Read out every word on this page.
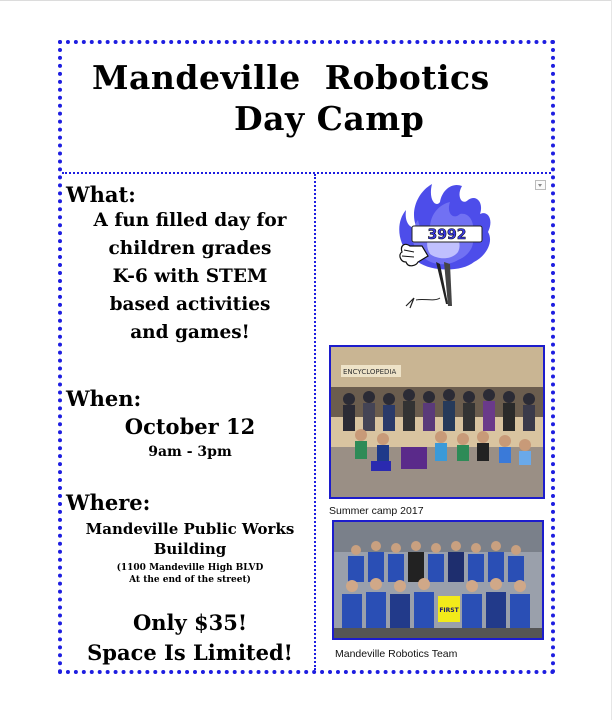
Mandeville  Robotics
Day Camp
What:
A fun filled day for
children grades
K-6 with STEM
based activities
and games!
When:
October 12
9am - 3pm
Where:
Mandeville Public Works
Building
(1100 Mandeville High BLVD
At the end of the street)
Only $35!
Space Is Limited!
3992
ENCYCLOPEDIA
Summer camp 2017
FIRST
Mandeville Robotics Team
